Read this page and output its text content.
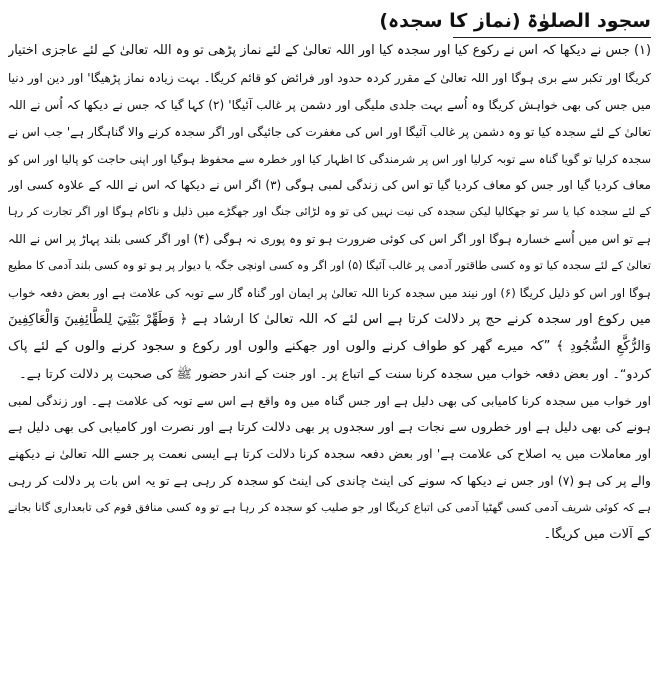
سجود الصلوٰۃ (نماز کا سجدہ)
(۱) جس نے دیکھا کہ اس نے رکوع کیا اور سجدہ کیا اور اللہ تعالیٰ کے لئے نماز پڑھی تو وہ اللہ تعالیٰ کے لئے عاجزی اختیار
کریگا اور تکبر سے بری ہوگا اور اللہ تعالیٰ کے مقرر کردہ حدود اور فرائض کو قائم کریگا۔ بہت زیادہ نماز پڑھیگا' اور دین اور دنیا
میں جس کی بھی خواہش کریگا وہ اُسے بہت جلدی ملیگی اور دشمن پر غالب آئیگا' (۲) کہا گیا کہ جس نے دیکھا کہ اُس نے اللہ
تعالیٰ کے لئے سجدہ کیا تو وہ دشمن پر غالب آئیگا اور اس کی مغفرت کی جائیگی اور اگر سجدہ کرنے والا گناہگار ہے' جب اس نے
سجدہ کرلیا تو گویا گناہ سے توبہ کرلیا اور اس پر شرمندگی کا اظہار کیا اور خطرہ سے محفوظ ہوگیا اور اپنی حاجت کو پالیا اور اس کو
معاف کردیا گیا اور جس کو معاف کردیا گیا تو اس کی زندگی لمبی ہوگی (۳) اگر اس نے دیکھا کہ اس نے اللہ کے علاوہ کسی اور
کے لئے سجدہ کیا یا سر تو جھکالیا لیکن سجدہ کی نیت نہیں کی تو وہ لڑائی جنگ اور جھگڑے میں ذلیل و ناکام ہوگا اور اگر تجارت کر رہا
ہے تو اس میں اُسے خسارہ ہوگا اور اگر اس کی کوئی ضرورت ہو تو وہ پوری نہ ہوگی (۴) اور اگر کسی بلند پہاڑ پر اس نے اللہ
تعالیٰ کے لئے سجدہ کیا تو وہ کسی طاقتور آدمی پر غالب آئیگا (۵) اور اگر وہ کسی اونچی جگہ یا دیوار پر ہو تو وہ کسی بلند آدمی کا مطیع
ہوگا اور اس کو ذلیل کریگا (۶) اور نیند میں سجدہ کرنا اللہ تعالیٰ پر ایمان اور گناہ گار سے توبہ کی علامت ہے اور بعض دفعہ خواب
میں رکوع اور سجدہ کرنے حج پر دلالت کرتا ہے اس لئے کہ اللہ تعالیٰ کا ارشاد ہے ﴿ وَطَهِّرْ بَيْتِيَ لِلطَّائِفِينَ وَالْعَاكِفِينَ
وَالرُّكَّعِ السُّجُودِ ﴾ ”کہ میرے گھر کو طواف کرنے والوں اور جھکنے والوں اور رکوع و سجود کرنے والوں کے لئے پاک
کردو“۔ اور بعض دفعہ خواب میں سجدہ کرنا سنت کے اتباع پر۔ اور جنت کے اندر حضور ﷺ کی صحبت پر دلالت کرتا ہے۔
اور خواب میں سجدہ کرنا کامیابی کی بھی دلیل ہے اور جس گناہ میں وہ واقع ہے اس سے توبہ کی علامت ہے۔ اور زندگی لمبی
ہونے کی بھی دلیل ہے اور خطروں سے نجات ہے اور سجدوں پر بھی دلالت کرتا ہے اور نصرت اور کامیابی کی بھی دلیل ہے
اور معاملات میں یہ اصلاح کی علامت ہے' اور بعض دفعہ سجدہ کرنا دلالت کرتا ہے ایسی نعمت پر جسے اللہ تعالیٰ نے دیکھنے
والے پر کی ہو (۷) اور جس نے دیکھا کہ سونے کی اینٹ چاندی کی اینٹ کو سجدہ کر رہی ہے تو یہ اس بات پر دلالت کر رہی
ہے کہ کوئی شریف آدمی کسی گھٹیا آدمی کی اتباع کریگا اور جو صلیب کو سجدہ کر رہا ہے تو وہ کسی منافق قوم کی تابعداری گانا بجانے
کے آلات میں کریگا۔
